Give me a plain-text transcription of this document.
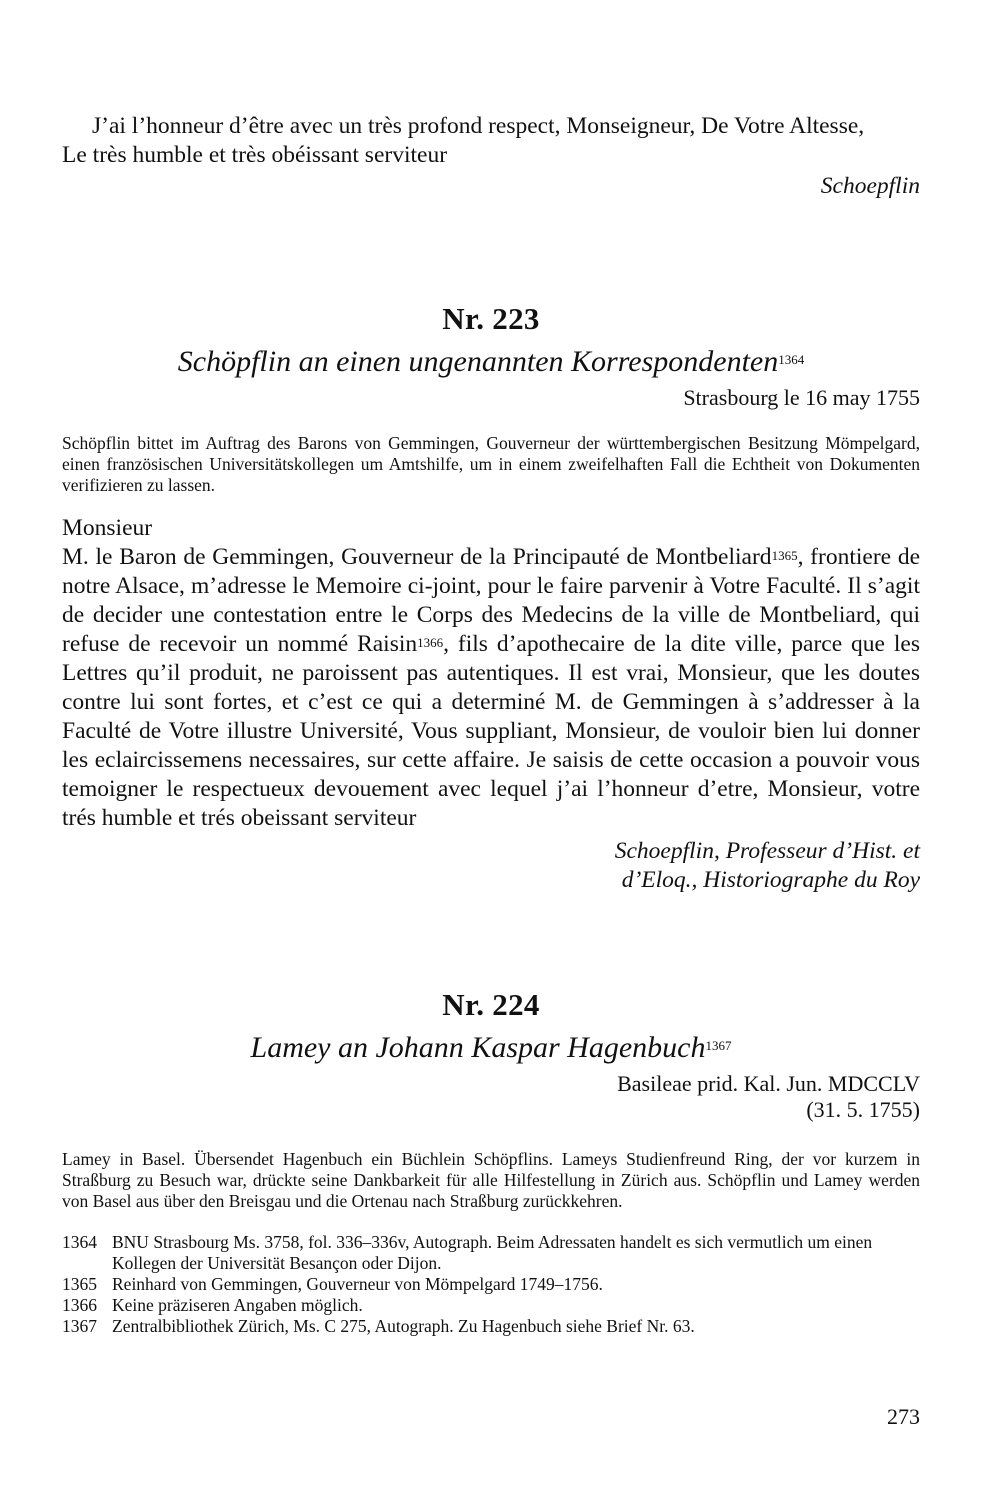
J’ai l’honneur d’être avec un très profond respect, Monseigneur, De Votre Altesse,

Le très humble et très obéissant serviteur

Schoepflin

Nr. 223

Schöpflin an einen ungenannten Korrespondenten$^{1364}$

Strasbourg le 16 may 1755

Schöpflin bittet im Auftrag des Barons von Gemmingen, Gouverneur der württembergischen Besitzung Mömpelgard, einen französischen Universitätskollegen um Amtshilfe, um in einem zweifelhaften Fall die Echtheit von Dokumenten verifizieren zu lassen.

Monsieur

M. le Baron de Gemmingen, Gouverneur de la Principauté de Montbeliard$^{1365}$, frontiere de notre Alsace, m’adresse le Memoire ci-joint, pour le faire parvenir à Votre Faculté. Il s’agit de decider une contestation entre le Corps des Medecins de la ville de Montbeliard, qui refuse de recevoir un nommé Raisin$^{1366}$, fils d’apothecaire de la dite ville, parce que les Lettres qu’il produit, ne paroissent pas autentiques. Il est vrai, Monsieur, que les doutes contre lui sont fortes, et c’est ce qui a determiné M. de Gemmingen à s’addresser à la Faculté de Votre illustre Université, Vous suppliant, Monsieur, de vouloir bien lui donner les eclaircissemens necessaires, sur cette affaire. Je saisis de cette occasion a pouvoir vous temoigner le respectueux devouement avec lequel j’ai l’honneur d’etre, Monsieur, votre trés humble et trés obeissant serviteur

Schoepflin, Professeur d’Hist. et
d’Eloq., Historiographe du Roy

Nr. 224

Lamey an Johann Kaspar Hagenbuch$^{1367}$

Basileae prid. Kal. Jun. MDCCLV

(31. 5. 1755)

Lamey in Basel. Übersendet Hagenbuch ein Büchlein Schöpflins. Lameys Studienfreund Ring, der vor kurzem in Straßburg zu Besuch war, drückte seine Dankbarkeit für alle Hilfestellung in Zürich aus. Schöpflin und Lamey werden von Basel aus über den Breisgau und die Ortenau nach Straßburg zurückkehren.

1364 BNU Strasbourg Ms. 3758, fol. 336–336v, Autograph. Beim Adressaten handelt es sich vermutlich um einen Kollegen der Universität Besançon oder Dijon.
1365 Reinhard von Gemmingen, Gouverneur von Mömpelgard 1749–1756.
1366 Keine präziseren Angaben möglich.
1367 Zentralbibliothek Zürich, Ms. C 275, Autograph. Zu Hagenbuch siehe Brief Nr. 63.
273
